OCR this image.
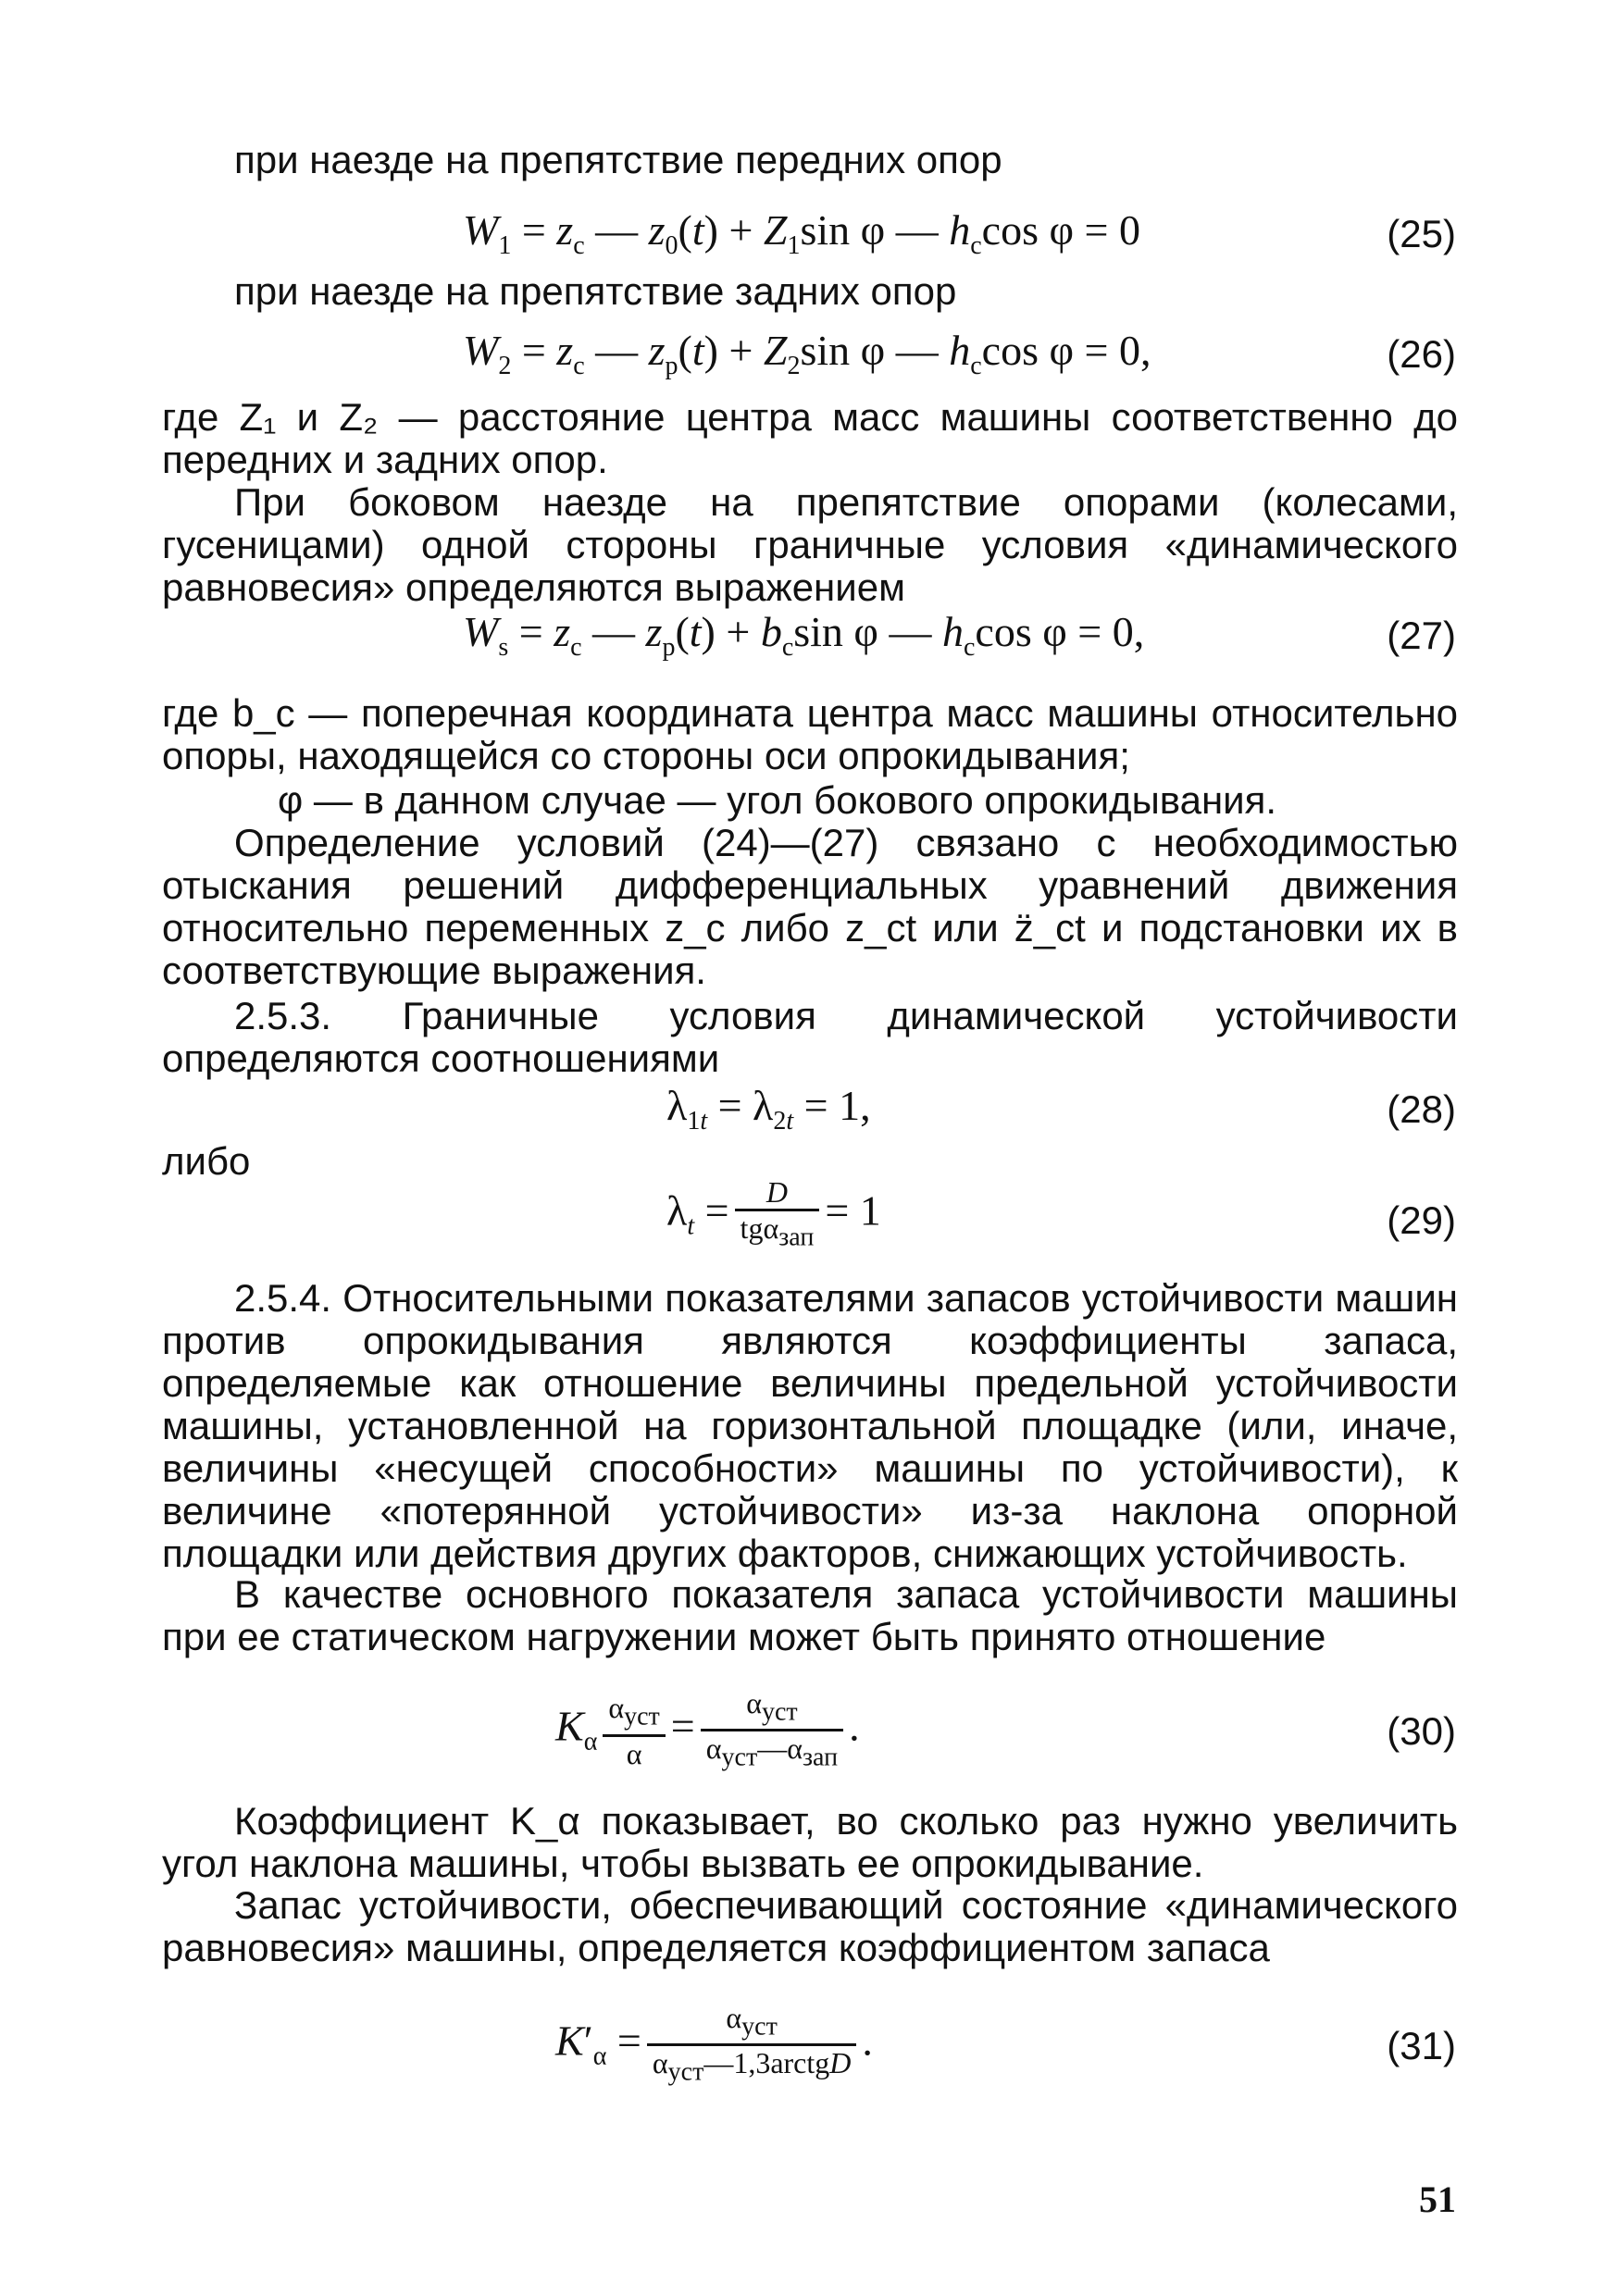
при наезде на препятствие передних опор

$W_1 = z_c$ — $z_0(t) + Z_1\sin$ φ — $h_c\cos$ φ = 0	(25)

при наезде на препятствие задних опор

$W_2 = z_c$ — $z_p(t) + Z_2\sin$ φ — $h_c\cos$ φ = 0,	(26)

где Z₁ и Z₂ — расстояние центра масс машины соответственно до передних и задних опор.

При боковом наезде на препятствие опорами (колесами, гусеницами) одной стороны граничные условия «динамического равновесия» определяются выражением

$W_s = z_c$ — $z_p(t) + b_c\sin$ φ — $h_c\cos$ φ = 0,	(27)

где b_c — поперечная координата центра масс машины относительно опоры, находящейся со стороны оси опрокидывания;

φ — в данном случае — угол бокового опрокидывания.

Определение условий (24)—(27) связано с необходимостью отыскания решений дифференциальных уравнений движения относительно переменных z_c либо z_ct или z̈_ct и подстановки их в соответствующие выражения.

2.5.3. Граничные условия динамической устойчивости определяются соотношениями

$\lambda_{1t} = \lambda_{2t} = 1$,	(28)

либо

$\lambda_t = \frac{D}{tg\alpha_{зап}} = 1$	(29)

2.5.4. Относительными показателями запасов устойчивости машин против опрокидывания являются коэффициенты запаса, определяемые как отношение величины предельной устойчивости машины, установленной на горизонтальной площадке (или, иначе, величины «несущей способности» машины по устойчивости), к величине «потерянной устойчивости» из-за наклона опорной площадки или действия других факторов, снижающих устойчивость.

В качестве основного показателя запаса устойчивости машины при ее статическом нагружении может быть принято отношение

$K_\alpha \frac{\alpha_{уст}}{\alpha} = \frac{\alpha_{уст}}{\alpha_{уст}—\alpha_{зап}}$ .	(30)

Коэффициент K_α показывает, во сколько раз нужно увеличить угол наклона машины, чтобы вызвать ее опрокидывание.

Запас устойчивости, обеспечивающий состояние «динамического равновесия» машины, определяется коэффициентом запаса

$K'_\alpha = \frac{\alpha_{уст}}{\alpha_{уст}—1,3arctgD}$ .	(31)
51
